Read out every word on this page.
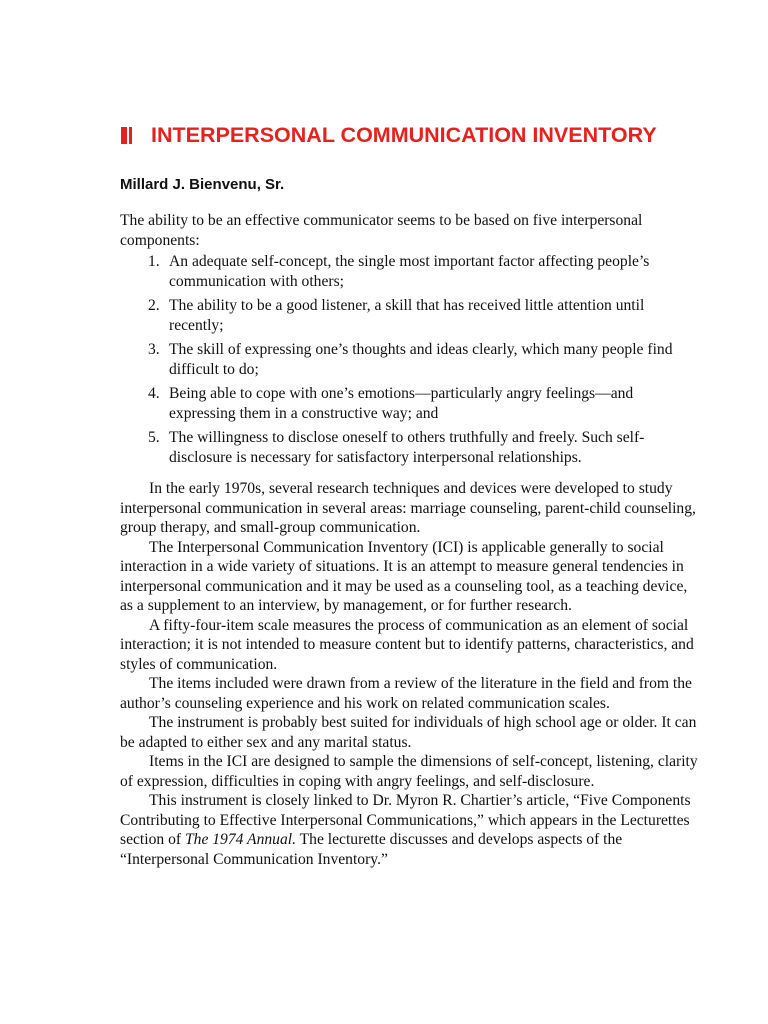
INTERPERSONAL COMMUNICATION INVENTORY
Millard J. Bienvenu, Sr.

The ability to be an effective communicator seems to be based on five interpersonal components:

1. An adequate self-concept, the single most important factor affecting people’s communication with others;
2. The ability to be a good listener, a skill that has received little attention until recently;
3. The skill of expressing one’s thoughts and ideas clearly, which many people find difficult to do;
4. Being able to cope with one’s emotions—particularly angry feelings—and expressing them in a constructive way; and
5. The willingness to disclose oneself to others truthfully and freely. Such self-disclosure is necessary for satisfactory interpersonal relationships.

In the early 1970s, several research techniques and devices were developed to study interpersonal communication in several areas: marriage counseling, parent-child counseling, group therapy, and small-group communication.

The Interpersonal Communication Inventory (ICI) is applicable generally to social interaction in a wide variety of situations. It is an attempt to measure general tendencies in interpersonal communication and it may be used as a counseling tool, as a teaching device, as a supplement to an interview, by management, or for further research.

A fifty-four-item scale measures the process of communication as an element of social interaction; it is not intended to measure content but to identify patterns, characteristics, and styles of communication.

The items included were drawn from a review of the literature in the field and from the author’s counseling experience and his work on related communication scales.

The instrument is probably best suited for individuals of high school age or older. It can be adapted to either sex and any marital status.

Items in the ICI are designed to sample the dimensions of self-concept, listening, clarity of expression, difficulties in coping with angry feelings, and self-disclosure.

This instrument is closely linked to Dr. Myron R. Chartier’s article, “Five Components Contributing to Effective Interpersonal Communications,” which appears in the Lecturettes section of The 1974 Annual. The lecturette discusses and develops aspects of the “Interpersonal Communication Inventory.”
